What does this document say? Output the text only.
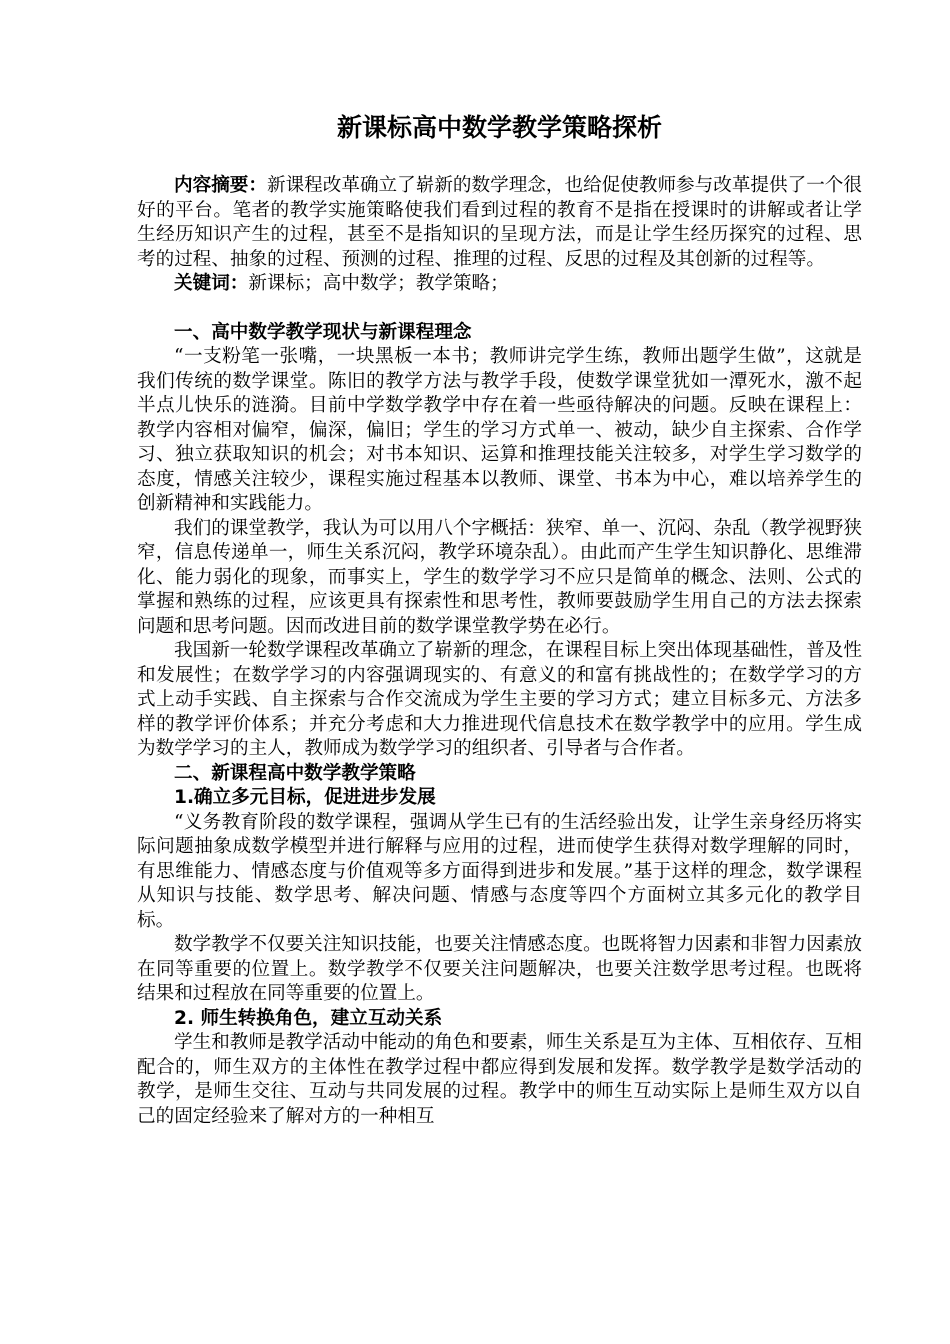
新课标高中数学教学策略探析

内容摘要：新课程改革确立了崭新的数学理念，也给促使教师参与改革提供了一个很好的平台。笔者的教学实施策略使我们看到过程的教育不是指在授课时的讲解或者让学生经历知识产生的过程，甚至不是指知识的呈现方法，而是让学生经历探究的过程、思考的过程、抽象的过程、预测的过程、推理的过程、反思的过程及其创新的过程等。

关键词：新课标；高中数学；教学策略；

一、高中数学教学现状与新课程理念

“一支粉笔一张嘴，一块黑板一本书；教师讲完学生练，教师出题学生做”，这就是我们传统的数学课堂。陈旧的教学方法与教学手段，使数学课堂犹如一潭死水，激不起半点儿快乐的涟漪。目前中学数学教学中存在着一些亟待解决的问题。反映在课程上：教学内容相对偏窄，偏深，偏旧；学生的学习方式单一、被动，缺少自主探索、合作学习、独立获取知识的机会；对书本知识、运算和推理技能关注较多，对学生学习数学的态度，情感关注较少，课程实施过程基本以教师、课堂、书本为中心，难以培养学生的创新精神和实践能力。

我们的课堂教学，我认为可以用八个字概括：狭窄、单一、沉闷、杂乱（教学视野狭窄，信息传递单一，师生关系沉闷，教学环境杂乱）。由此而产生学生知识静化、思维滞化、能力弱化的现象，而事实上，学生的数学学习不应只是简单的概念、法则、公式的掌握和熟练的过程，应该更具有探索性和思考性，教师要鼓励学生用自己的方法去探索问题和思考问题。因而改进目前的数学课堂教学势在必行。

我国新一轮数学课程改革确立了崭新的理念，在课程目标上突出体现基础性，普及性和发展性；在数学学习的内容强调现实的、有意义的和富有挑战性的；在数学学习的方式上动手实践、自主探索与合作交流成为学生主要的学习方式；建立目标多元、方法多样的教学评价体系；并充分考虑和大力推进现代信息技术在数学教学中的应用。学生成为数学学习的主人，教师成为数学学习的组织者、引导者与合作者。

二、新课程高中数学教学策略

1.确立多元目标，促进进步发展

“义务教育阶段的数学课程，强调从学生已有的生活经验出发，让学生亲身经历将实际问题抽象成数学模型并进行解释与应用的过程，进而使学生获得对数学理解的同时，有思维能力、情感态度与价值观等多方面得到进步和发展。”基于这样的理念，数学课程从知识与技能、数学思考、解决问题、情感与态度等四个方面树立其多元化的教学目标。

数学教学不仅要关注知识技能，也要关注情感态度。也既将智力因素和非智力因素放在同等重要的位置上。数学教学不仅要关注问题解决，也要关注数学思考过程。也既将结果和过程放在同等重要的位置上。

2. 师生转换角色，建立互动关系

学生和教师是教学活动中能动的角色和要素，师生关系是互为主体、互相依存、互相配合的，师生双方的主体性在教学过程中都应得到发展和发挥。数学教学是数学活动的教学，是师生交往、互动与共同发展的过程。教学中的师生互动实际上是师生双方以自己的固定经验来了解对方的一种相互
